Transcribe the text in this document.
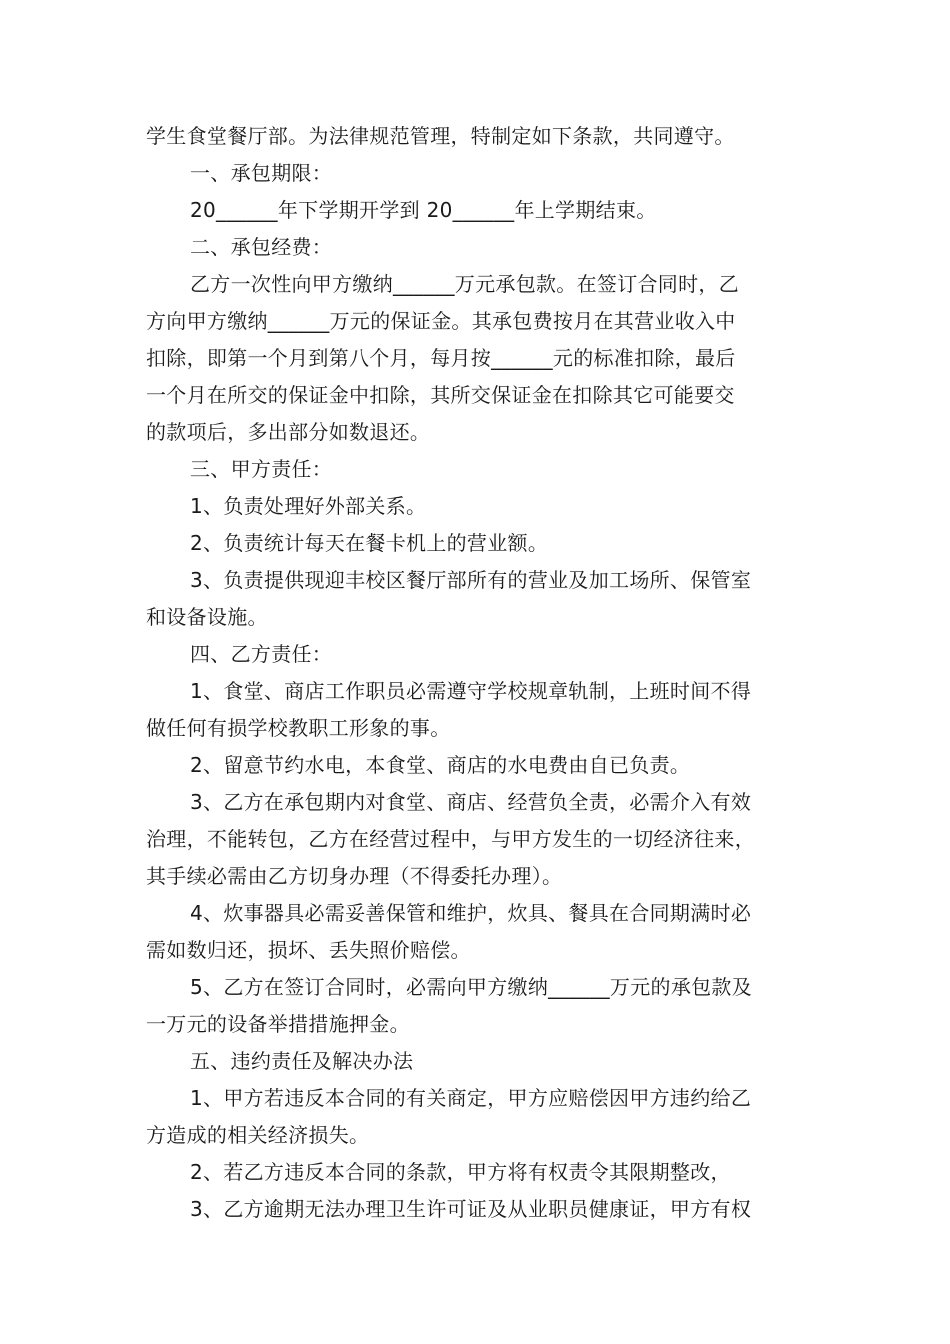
学生食堂餐厅部。为法律规范管理，特制定如下条款，共同遵守。
一、承包期限：
20______年下学期开学到 20______年上学期结束。
二、承包经费：
乙方一次性向甲方缴纳______万元承包款。在签订合同时，乙
方向甲方缴纳______万元的保证金。其承包费按月在其营业收入中
扣除，即第一个月到第八个月，每月按______元的标准扣除，最后
一个月在所交的保证金中扣除，其所交保证金在扣除其它可能要交
的款项后，多出部分如数退还。
三、甲方责任：
1、负责处理好外部关系。
2、负责统计每天在餐卡机上的营业额。
3、负责提供现迎丰校区餐厅部所有的营业及加工场所、保管室
和设备设施。
四、乙方责任：
1、食堂、商店工作职员必需遵守学校规章轨制，上班时间不得
做任何有损学校教职工形象的事。
2、留意节约水电，本食堂、商店的水电费由自已负责。
3、乙方在承包期内对食堂、商店、经营负全责，必需介入有效
治理，不能转包，乙方在经营过程中，与甲方发生的一切经济往来，
其手续必需由乙方切身办理（不得委托办理）。
4、炊事器具必需妥善保管和维护，炊具、餐具在合同期满时必
需如数归还，损坏、丢失照价赔偿。
5、乙方在签订合同时，必需向甲方缴纳______万元的承包款及
一万元的设备举措措施押金。
五、违约责任及解决办法
1、甲方若违反本合同的有关商定，甲方应赔偿因甲方违约给乙
方造成的相关经济损失。
2、若乙方违反本合同的条款，甲方将有权责令其限期整改，
3、乙方逾期无法办理卫生许可证及从业职员健康证，甲方有权
